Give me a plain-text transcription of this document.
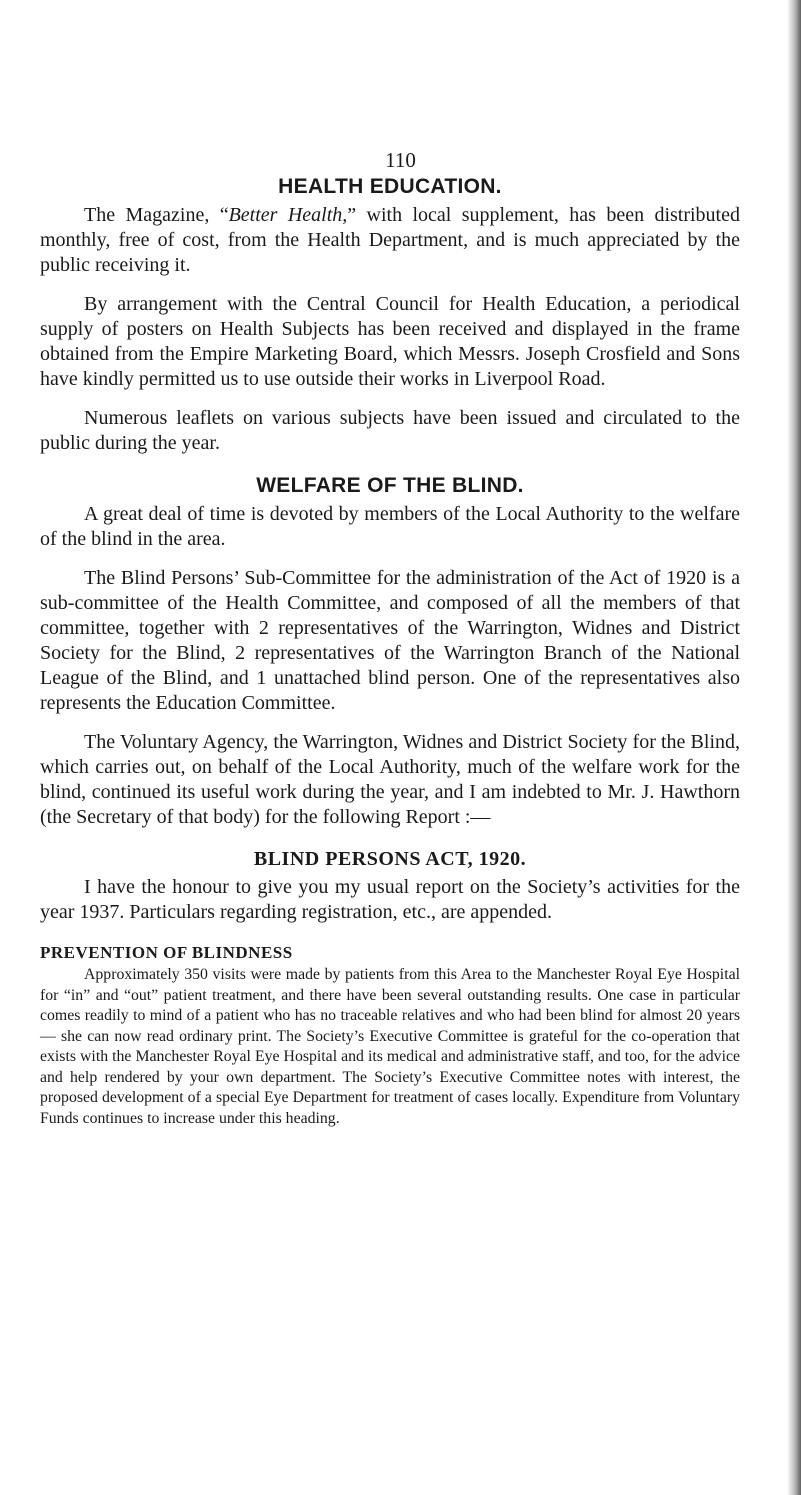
110
HEALTH EDUCATION.

The Magazine, “Better Health,” with local supplement, has been distributed monthly, free of cost, from the Health Department, and is much appreciated by the public receiving it.

By arrangement with the Central Council for Health Education, a periodical supply of posters on Health Subjects has been received and displayed in the frame obtained from the Empire Marketing Board, which Messrs. Joseph Crosfield and Sons have kindly permitted us to use outside their works in Liverpool Road.

Numerous leaflets on various subjects have been issued and circulated to the public during the year.

WELFARE OF THE BLIND.

A great deal of time is devoted by members of the Local Authority to the welfare of the blind in the area.

The Blind Persons’ Sub-Committee for the administration of the Act of 1920 is a sub-committee of the Health Committee, and composed of all the members of that committee, together with 2 representatives of the Warrington, Widnes and District Society for the Blind, 2 representatives of the Warrington Branch of the National League of the Blind, and 1 unattached blind person. One of the representatives also represents the Education Committee.

The Voluntary Agency, the Warrington, Widnes and District Society for the Blind, which carries out, on behalf of the Local Authority, much of the welfare work for the blind, continued its useful work during the year, and I am indebted to Mr. J. Hawthorn (the Secretary of that body) for the following Report :—

BLIND PERSONS ACT, 1920.

I have the honour to give you my usual report on the Society’s activities for the year 1937. Particulars regarding registration, etc., are appended.

PREVENTION OF BLINDNESS

Approximately 350 visits were made by patients from this Area to the Manchester Royal Eye Hospital for “in” and “out” patient treatment, and there have been several outstanding results. One case in particular comes readily to mind of a patient who has no traceable relatives and who had been blind for almost 20 years — she can now read ordinary print. The Society’s Executive Committee is grateful for the co-operation that exists with the Manchester Royal Eye Hospital and its medical and administrative staff, and too, for the advice and help rendered by your own department. The Society’s Executive Committee notes with interest, the proposed development of a special Eye Department for treatment of cases locally. Expenditure from Voluntary Funds continues to increase under this heading.
